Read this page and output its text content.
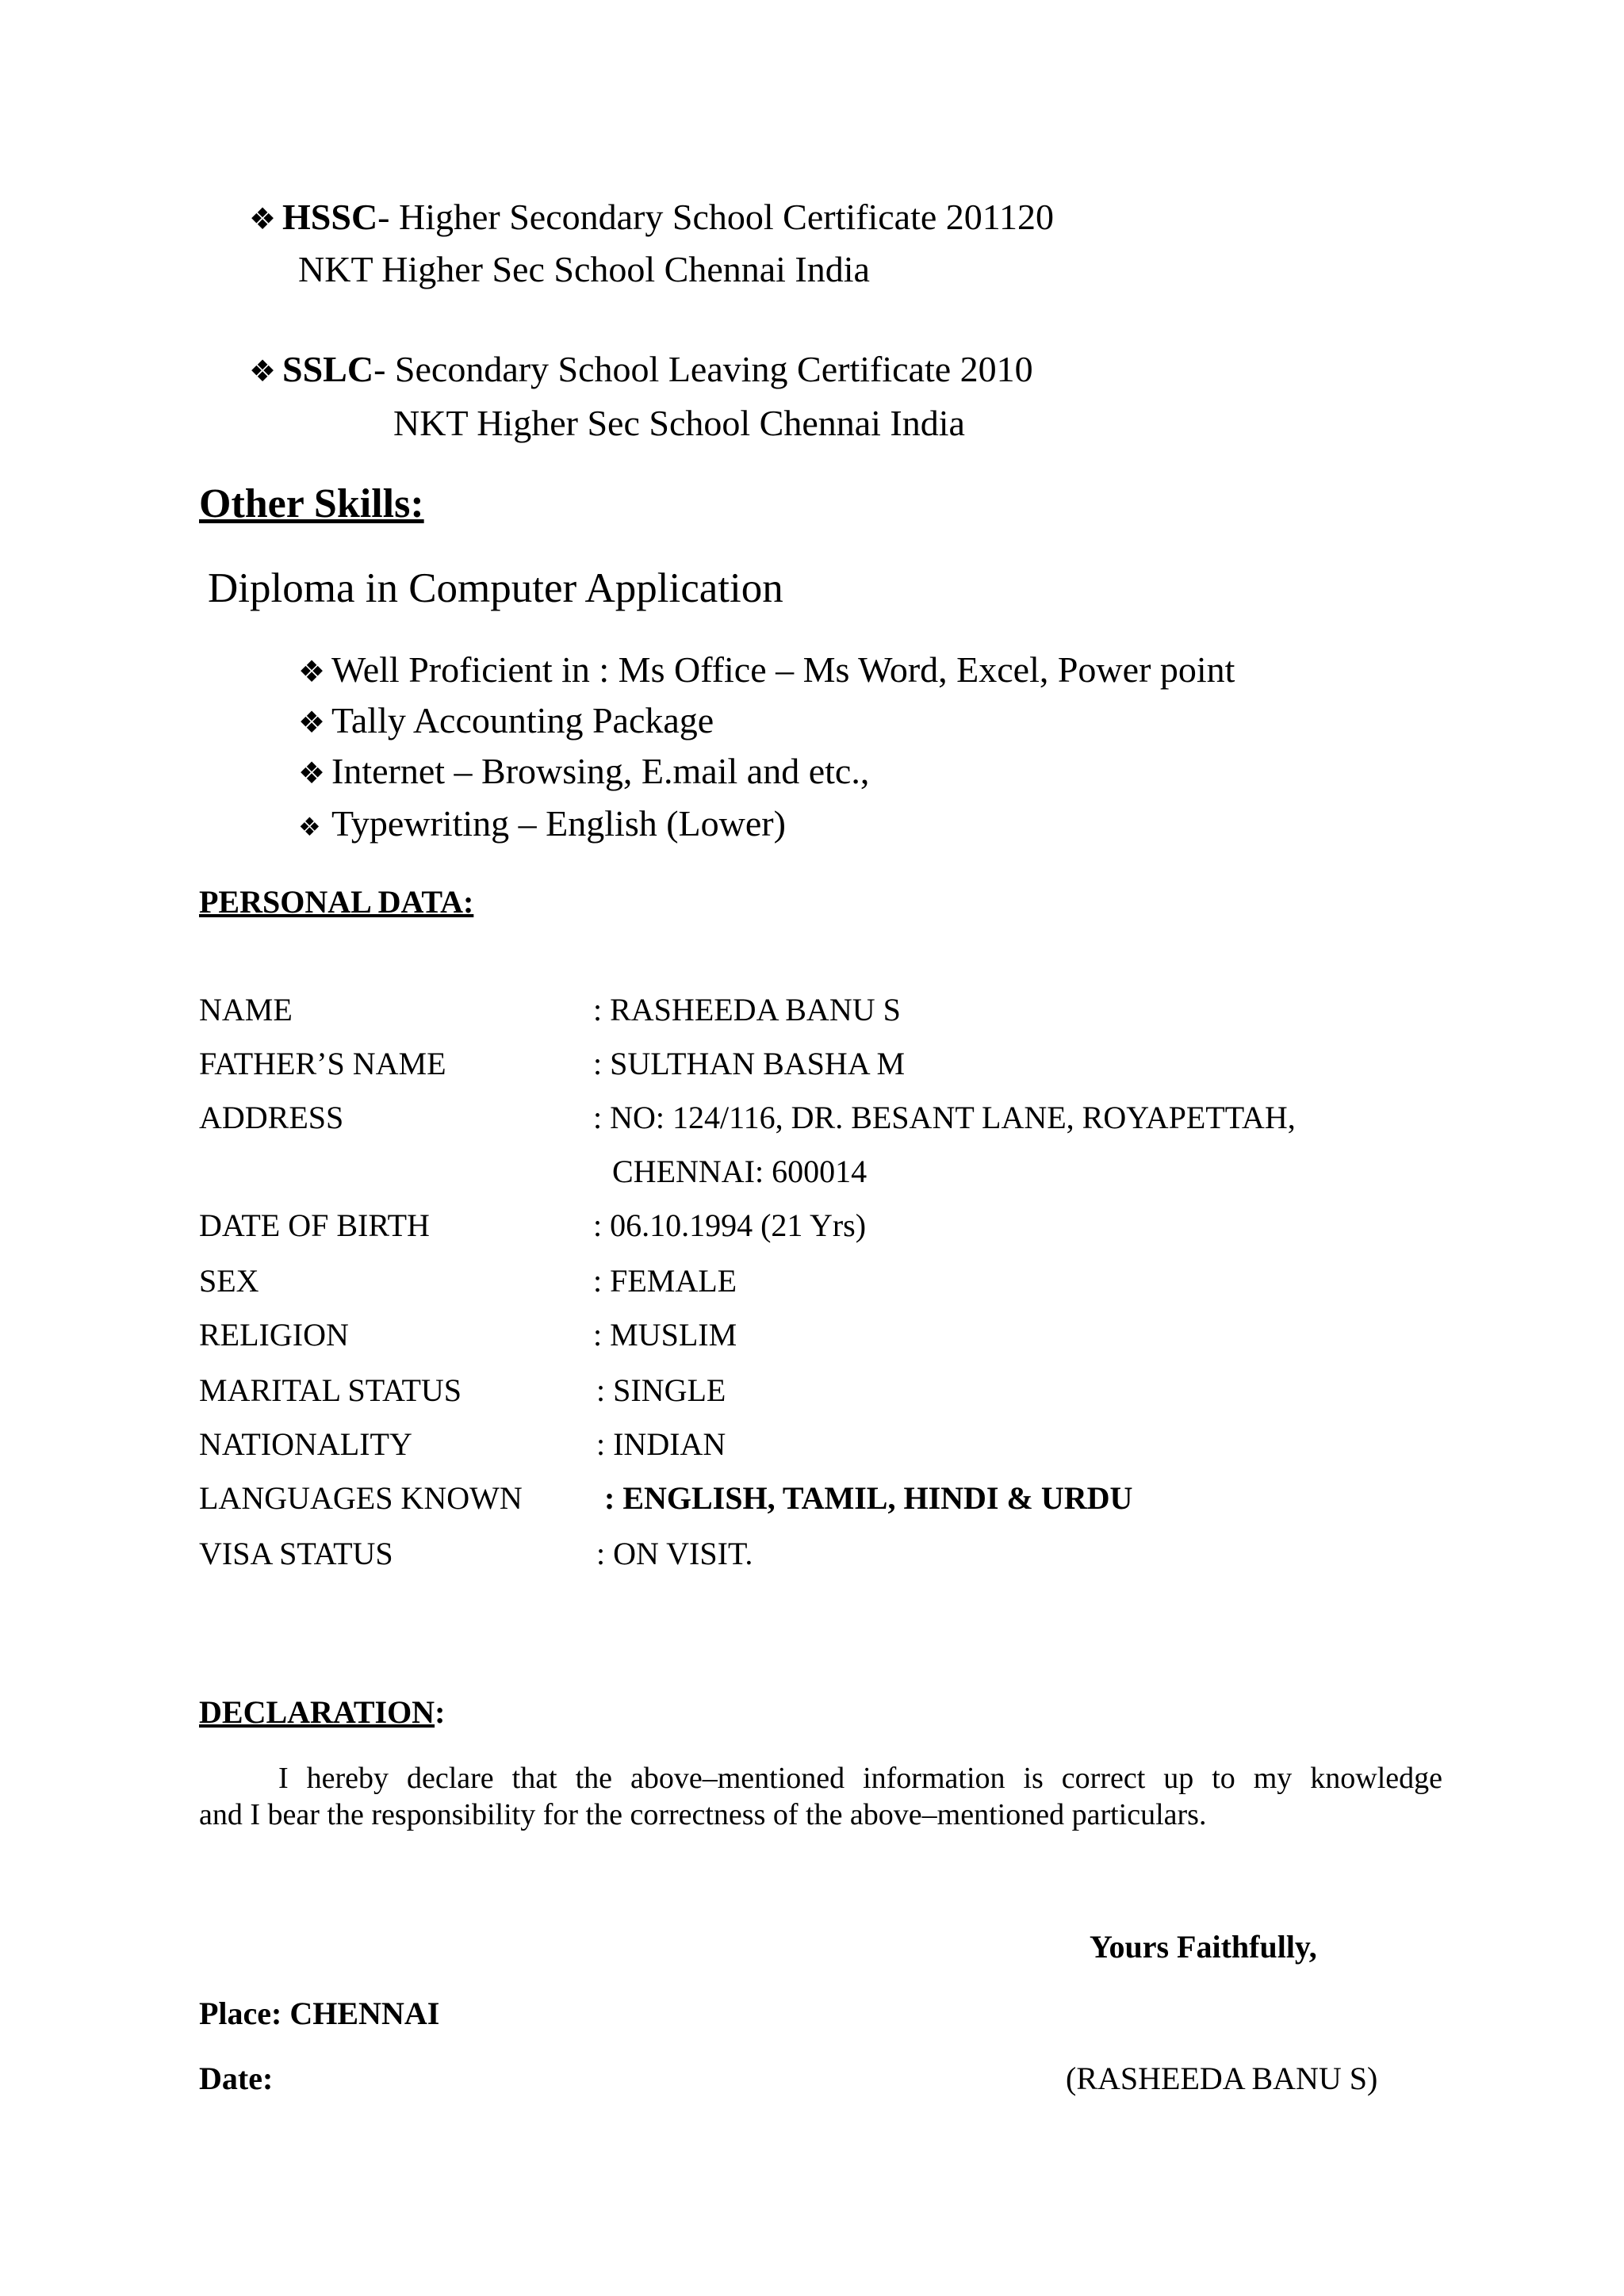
❖ HSSC- Higher Secondary School Certificate 201120
NKT Higher Sec School Chennai India
❖ SSLC- Secondary School Leaving Certificate 2010
NKT Higher Sec School Chennai India
Other Skills:
Diploma in Computer Application
❖ Well Proficient in : Ms Office – Ms Word, Excel, Power point
❖ Tally Accounting Package
❖ Internet – Browsing, E.mail and etc.,
❖ Typewriting – English (Lower)
PERSONAL DATA:
NAME	: RASHEEDA BANU S
FATHER’S NAME	: SULTHAN BASHA M
ADDRESS	: NO: 124/116, DR. BESANT LANE, ROYAPETTAH,
CHENNAI: 600014
DATE OF BIRTH	: 06.10.1994 (21 Yrs)
SEX	: FEMALE
RELIGION	: MUSLIM
MARITAL STATUS	: SINGLE
NATIONALITY	: INDIAN
LANGUAGES KNOWN	: ENGLISH, TAMIL, HINDI & URDU
VISA STATUS	: ON VISIT.
DECLARATION:
I hereby declare that the above–mentioned information is correct up to my knowledge
and I bear the responsibility for the correctness of the above–mentioned particulars.
Yours Faithfully,
Place: CHENNAI
Date:	(RASHEEDA BANU S)
